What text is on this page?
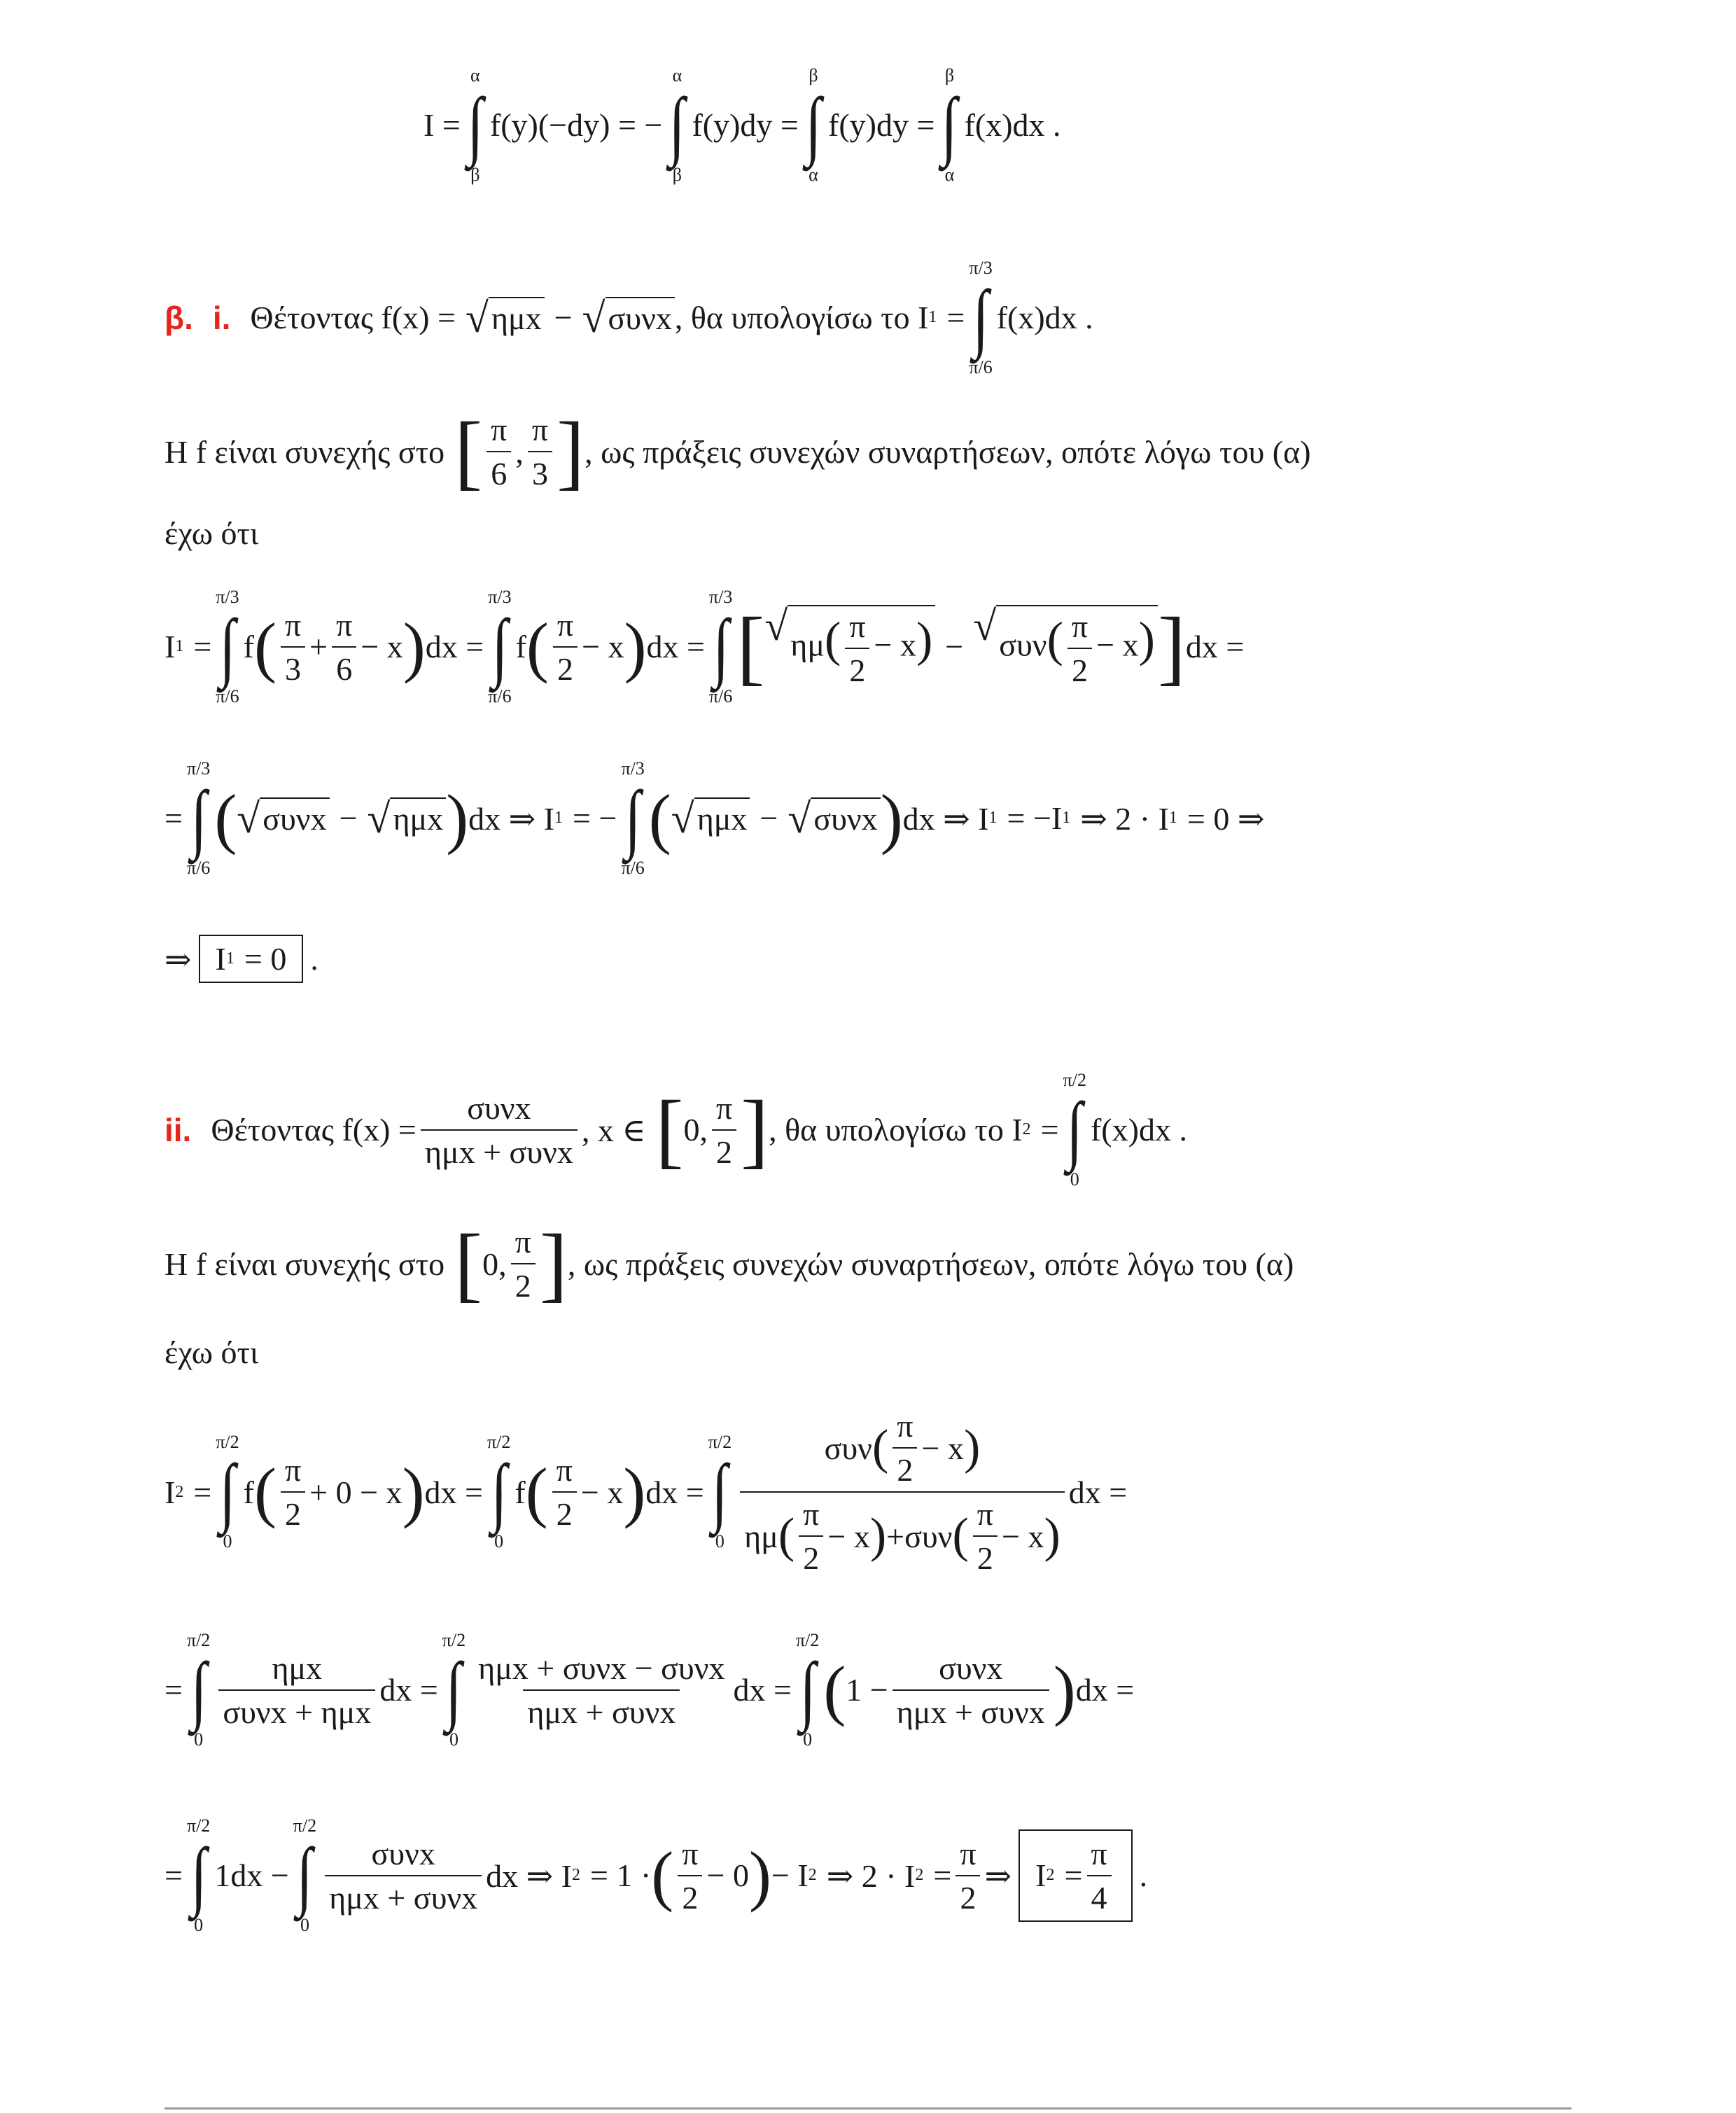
I =
α
∫
β
f(y)(−dy) = −
α
∫
β
f(y)dy =
β
∫
α
f(y)dy =
β
∫
α
f(x)dx .
β. i. Θέτοντας f(x) = √ ημx − √ συνx , θα υπολογίσω το I 1 =
π/3
∫
π/6
f(x)dx .
Η f είναι συνεχής στο [ $\frac{\pi}{6}$ , $\frac{\pi}{3}$ ] , ως πράξεις συνεχών συναρτήσεων, οπότε λόγω του (α)
έχω ότι
I 1 =
π/3
∫
π/6
f ( $\frac{\pi}{3} + \frac{\pi}{6} - x$ ) dx =
π/3
∫
π/6
f ( $\frac{\pi}{2} - x$ ) dx =
π/3
∫
π/6
[ √ $\eta\mu( \frac{\pi}{2} - x)$ − √ $\sigma\upsilon\nu( \frac{\pi}{2} - x)$ ] dx =
=
π/3
∫
π/6
( √ συνx − √ ημx ) dx ⇒ I 1 = −
π/3
∫
π/6
( √ ημx − √ συνx ) dx ⇒ I 1 = −I 1 ⇒ 2 · I 1 = 0 ⇒
⇒ I 1 = 0 .
ii. Θέτοντας $f(x) = \frac{\text{συνx}}{\text{ημx + συνx}}$ , x ∈ [ 0, $\frac{\pi}{2}$ ] , θα υπολογίσω το I 2 =
π/2
∫
0
f(x)dx .
Η f είναι συνεχής στο [ 0, $\frac{\pi}{2}$ ] , ως πράξεις συνεχών συναρτήσεων, οπότε λόγω του (α)
έχω ότι
I 2 =
π/2
∫
0
f ( $\frac{\pi}{2} + 0 - x$ ) dx =
π/2
∫
0
f ( $\frac{\pi}{2} - x$ ) dx =
π/2
∫
$0 \frac{\sigma\upsilon\nu ( \frac{\pi}{2} - x )}{\eta\mu ( \frac{\pi}{2} - x ) + \sigma\upsilon\nu ( \frac{\pi}{2} - x )}$ dx =
=
π/2
∫
0
$\frac{\text{ημx}}{\text{συνx + ημx}}$ dx =
π/2
∫
0
$\frac{\text{ημx + συνx − συνx}}{\text{ημx + συνx}}$ dx =
π/2
∫
0
( $1 - \frac{\text{συνx}}{\text{ημx + συνx}}$ ) dx =
=
π/2
∫
0
1dx −
π/2
∫
0
$\frac{\text{συνx}}{\text{ημx + συνx}}$ dx ⇒ I 2 = 1 · ( $\frac{\pi}{2} - 0$ ) − I 2 ⇒ 2 · I $2 = \frac{\pi}{2}$ ⇒ I $2 = \frac{\pi}{4}$ .
